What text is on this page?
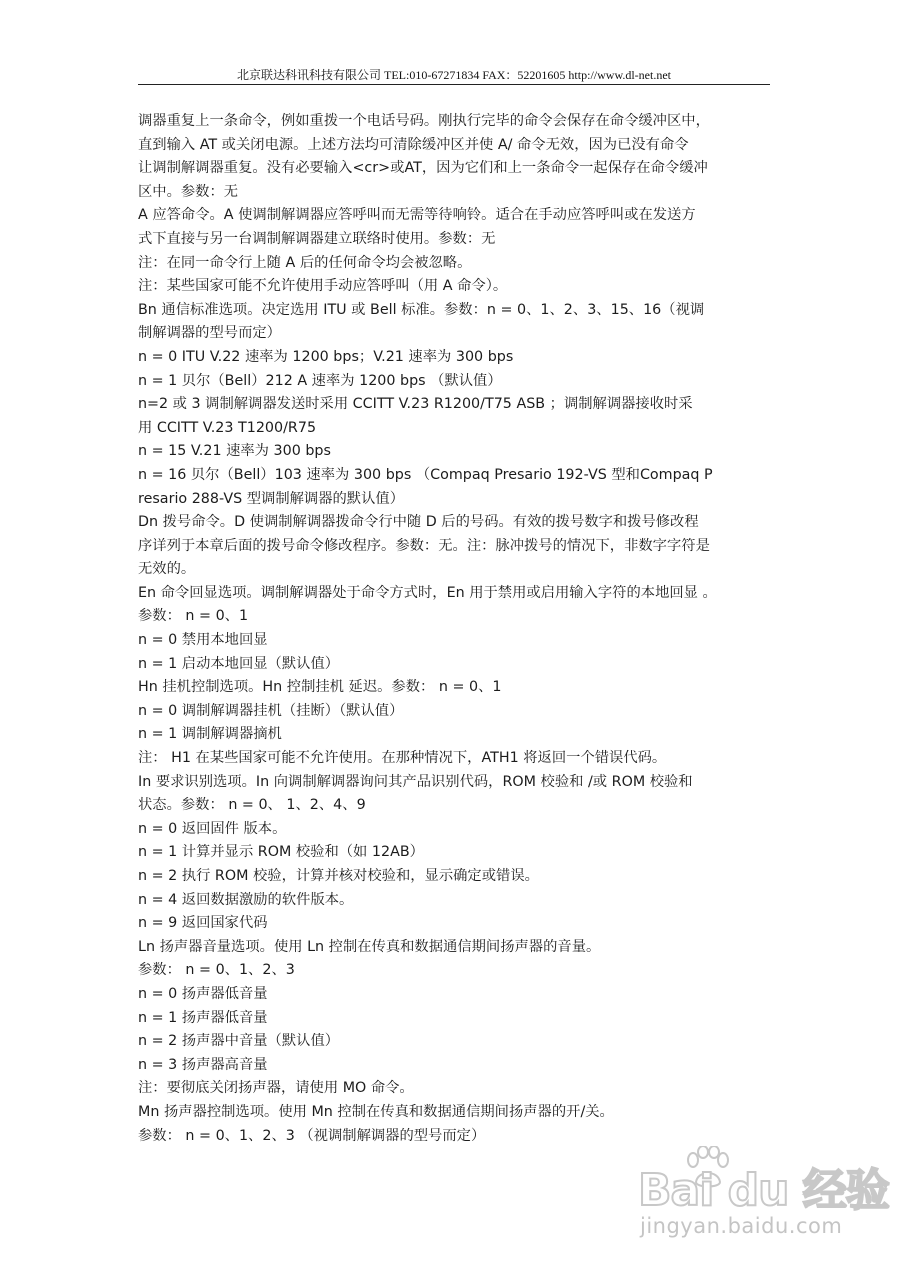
北京联达科讯科技有限公司 TEL:010-67271834 FAX：52201605 http://www.dl-net.net
调器重复上一条命令，例如重拨一个电话号码。刚执行完毕的命令会保存在命令缓冲区中，
直到输入 AT 或关闭电源。上述方法均可清除缓冲区并使 A/ 命令无效，因为已没有命令
让调制解调器重复。没有必要输入<cr>或AT，因为它们和上一条命令一起保存在命令缓冲
区中。参数：无
A 应答命令。A 使调制解调器应答呼叫而无需等待响铃。适合在手动应答呼叫或在发送方
式下直接与另一台调制解调器建立联络时使用。参数：无
注：在同一命令行上随 A 后的任何命令均会被忽略。
注：某些国家可能不允许使用手动应答呼叫（用 A 命令）。
Bn 通信标准选项。决定选用 ITU 或 Bell 标准。参数：n = 0、1、2、3、15、16（视调
制解调器的型号而定）
n = 0 ITU V.22 速率为 1200 bps；V.21 速率为 300 bps
n = 1 贝尔（Bell）212 A 速率为 1200 bps （默认值）
n=2 或 3 调制解调器发送时采用 CCITT V.23 R1200/T75 ASB ；调制解调器接收时采
用 CCITT V.23 T1200/R75
n = 15 V.21 速率为 300 bps
n = 16 贝尔（Bell）103 速率为 300 bps （Compaq Presario 192-VS 型和Compaq P
resario 288-VS 型调制解调器的默认值）
Dn 拨号命令。D 使调制解调器拨命令行中随 D 后的号码。有效的拨号数字和拨号修改程
序详列于本章后面的拨号命令修改程序。参数：无。注：脉冲拨号的情况下，非数字字符是
无效的。
En 命令回显选项。调制解调器处于命令方式时，En 用于禁用或启用输入字符的本地回显 。
参数： n = 0、1
n = 0 禁用本地回显
n = 1 启动本地回显（默认值）
Hn 挂机控制选项。Hn 控制挂机 延迟。参数： n = 0、1
n = 0 调制解调器挂机（挂断）（默认值）
n = 1 调制解调器摘机
注： H1 在某些国家可能不允许使用。在那种情况下，ATH1 将返回一个错误代码。
In 要求识别选项。In 向调制解调器询问其产品识别代码，ROM 校验和 /或 ROM 校验和
状态。参数： n = 0、 1、2、4、9
n = 0 返回固件 版本。
n = 1 计算并显示 ROM 校验和（如 12AB）
n = 2 执行 ROM 校验，计算并核对校验和，显示确定或错误。
n = 4 返回数据激励的软件版本。
n = 9 返回国家代码
Ln 扬声器音量选项。使用 Ln 控制在传真和数据通信期间扬声器的音量。
参数： n = 0、1、2、3
n = 0 扬声器低音量
n = 1 扬声器低音量
n = 2 扬声器中音量（默认值）
n = 3 扬声器高音量
注：要彻底关闭扬声器，请使用 MO 命令。
Mn 扬声器控制选项。使用 Mn 控制在传真和数据通信期间扬声器的开/关。
参数： n = 0、1、2、3 （视调制解调器的型号而定）
Bai du 经验
jingyan.baidu.com
